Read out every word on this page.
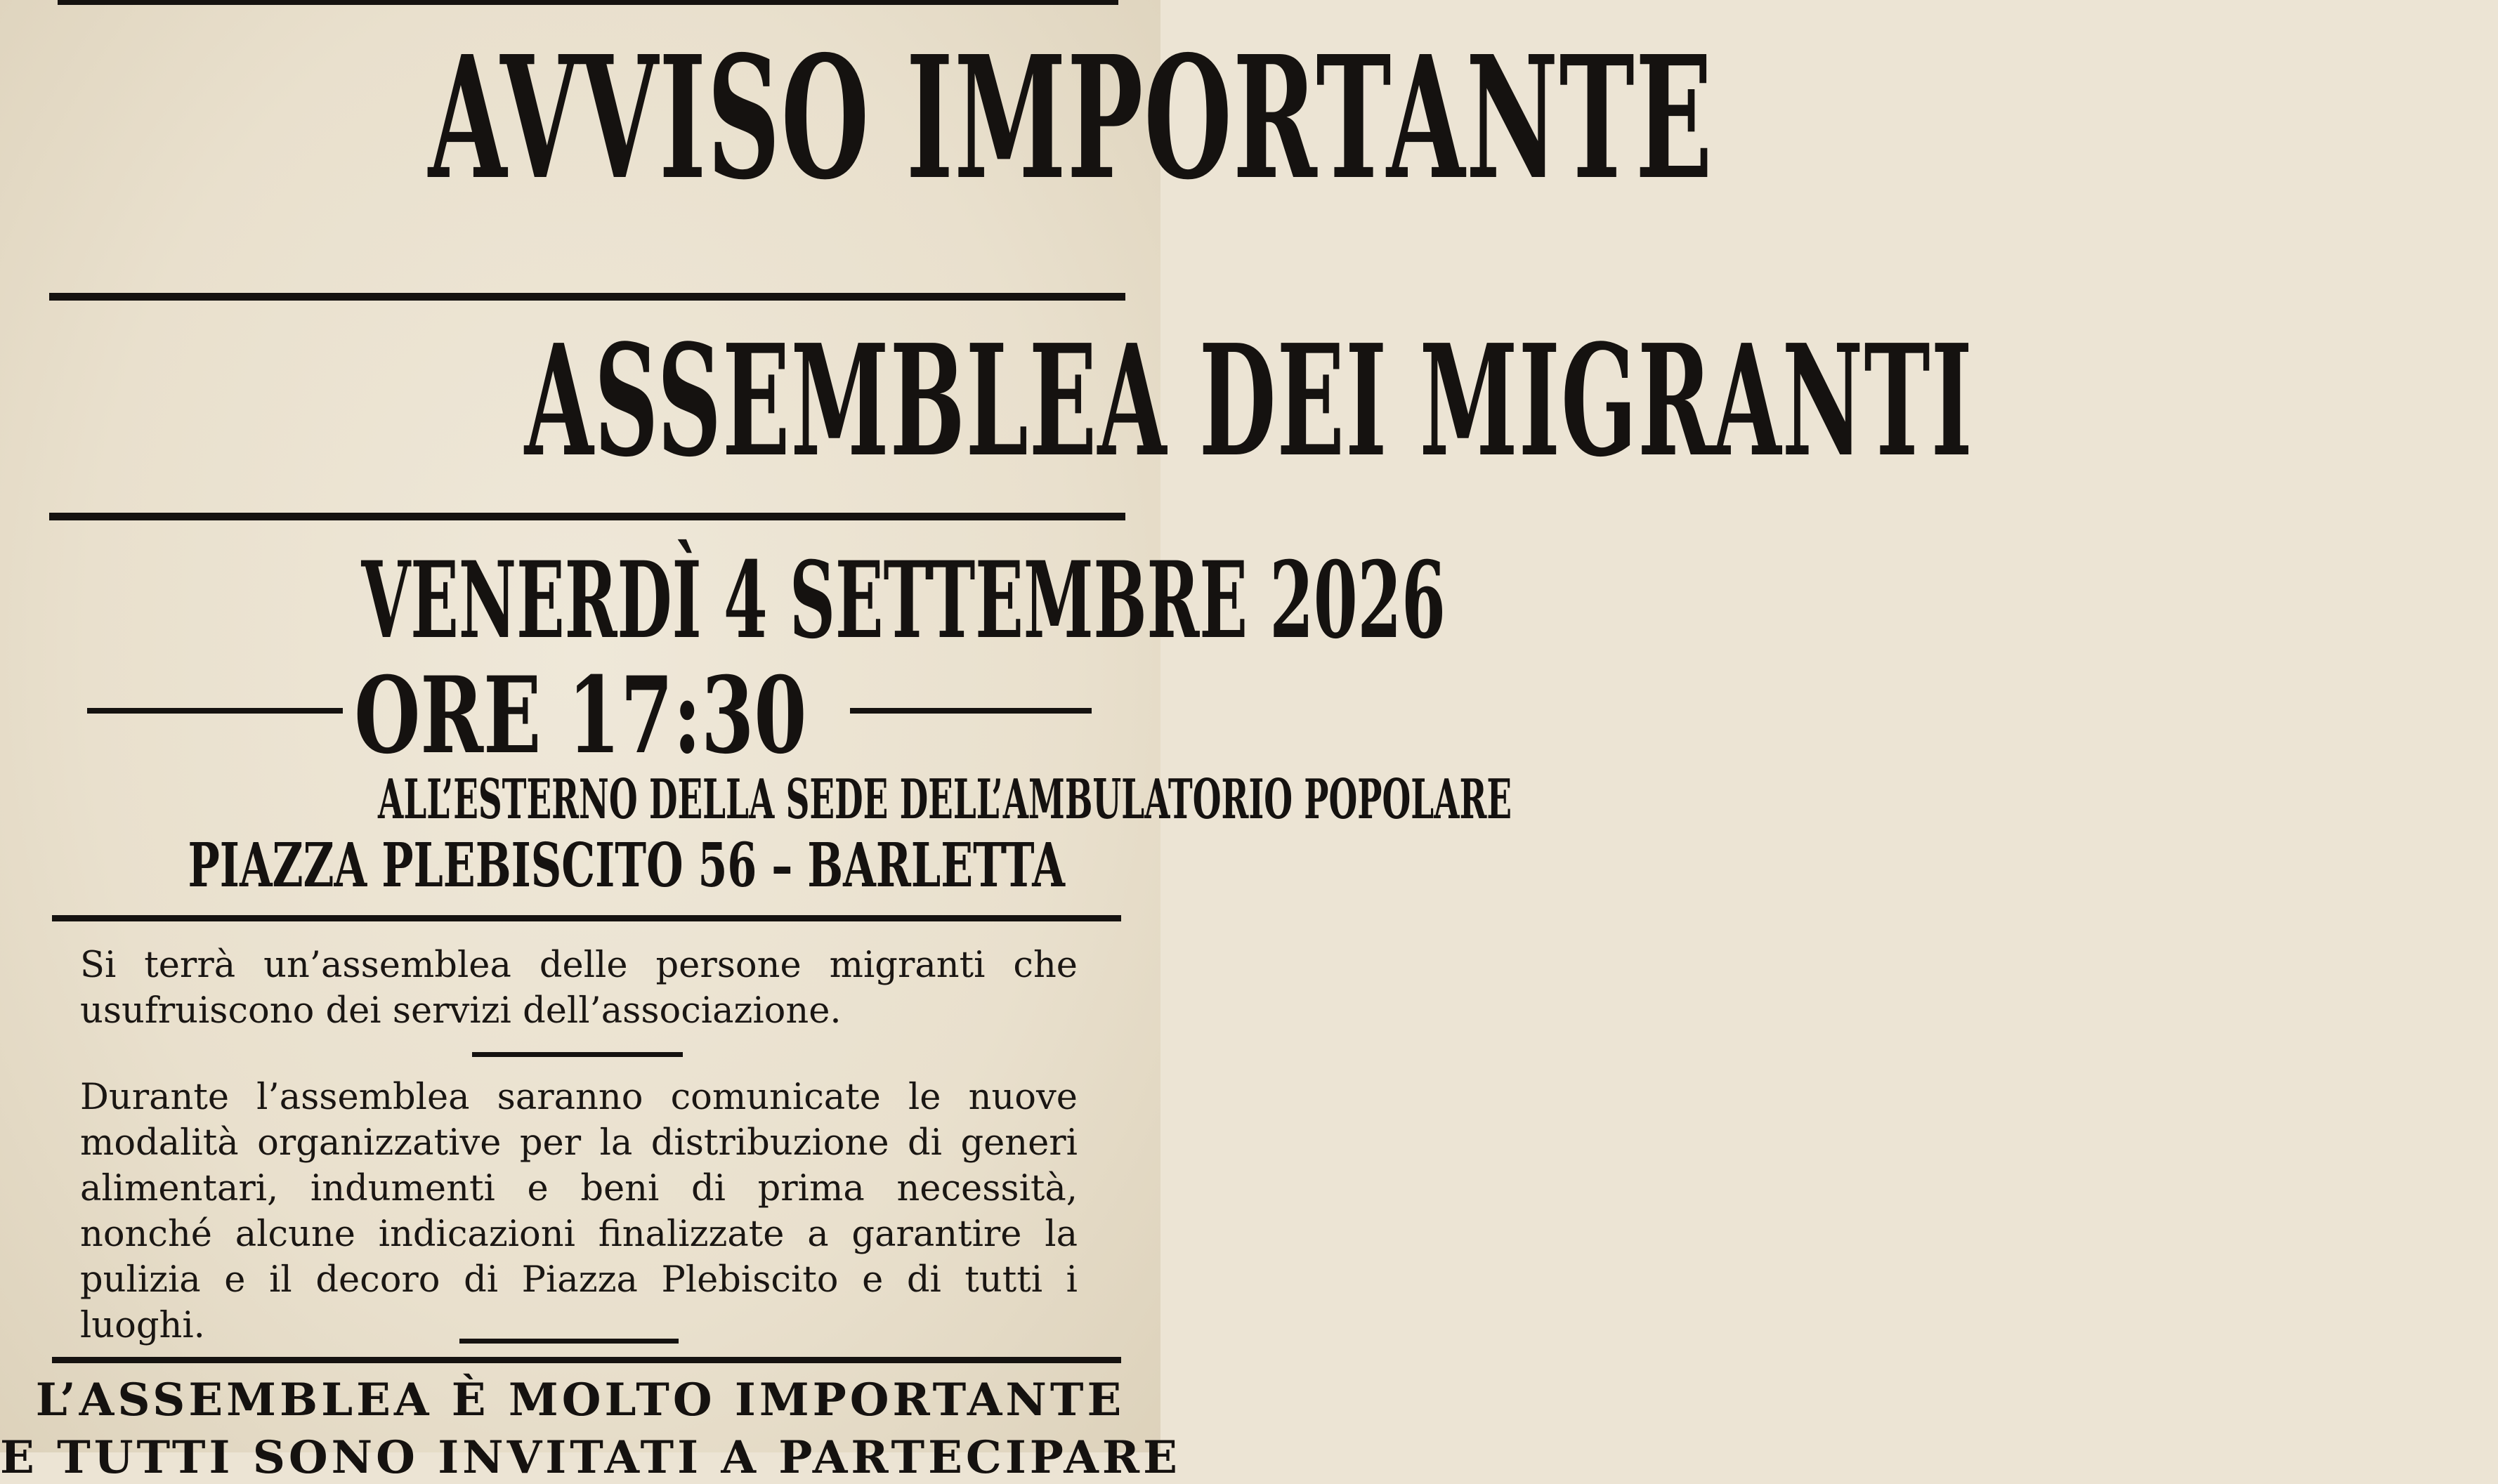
AVVISO IMPORTANTE
ASSEMBLEA DEI MIGRANTI
VENERDÌ 4 SETTEMBRE 2026
ORE 17:30
ALL’ESTERNO DELLA SEDE DELL’AMBULATORIO POPOLARE
PIAZZA PLEBISCITO 56 – BARLETTA
Si terrà un’assemblea delle persone migranti che usufruiscono dei servizi dell’associazione.
Durante l’assemblea saranno comunicate le nuove modalità organizzative per la distribuzione di generi alimentari, indumenti e beni di prima necessità, nonché alcune indicazioni finalizzate a garantire la pulizia e il decoro di Piazza Plebiscito e di tutti i luoghi.
L’ASSEMBLEA È MOLTO IMPORTANTE
E TUTTI SONO INVITATI A PARTECIPARE
